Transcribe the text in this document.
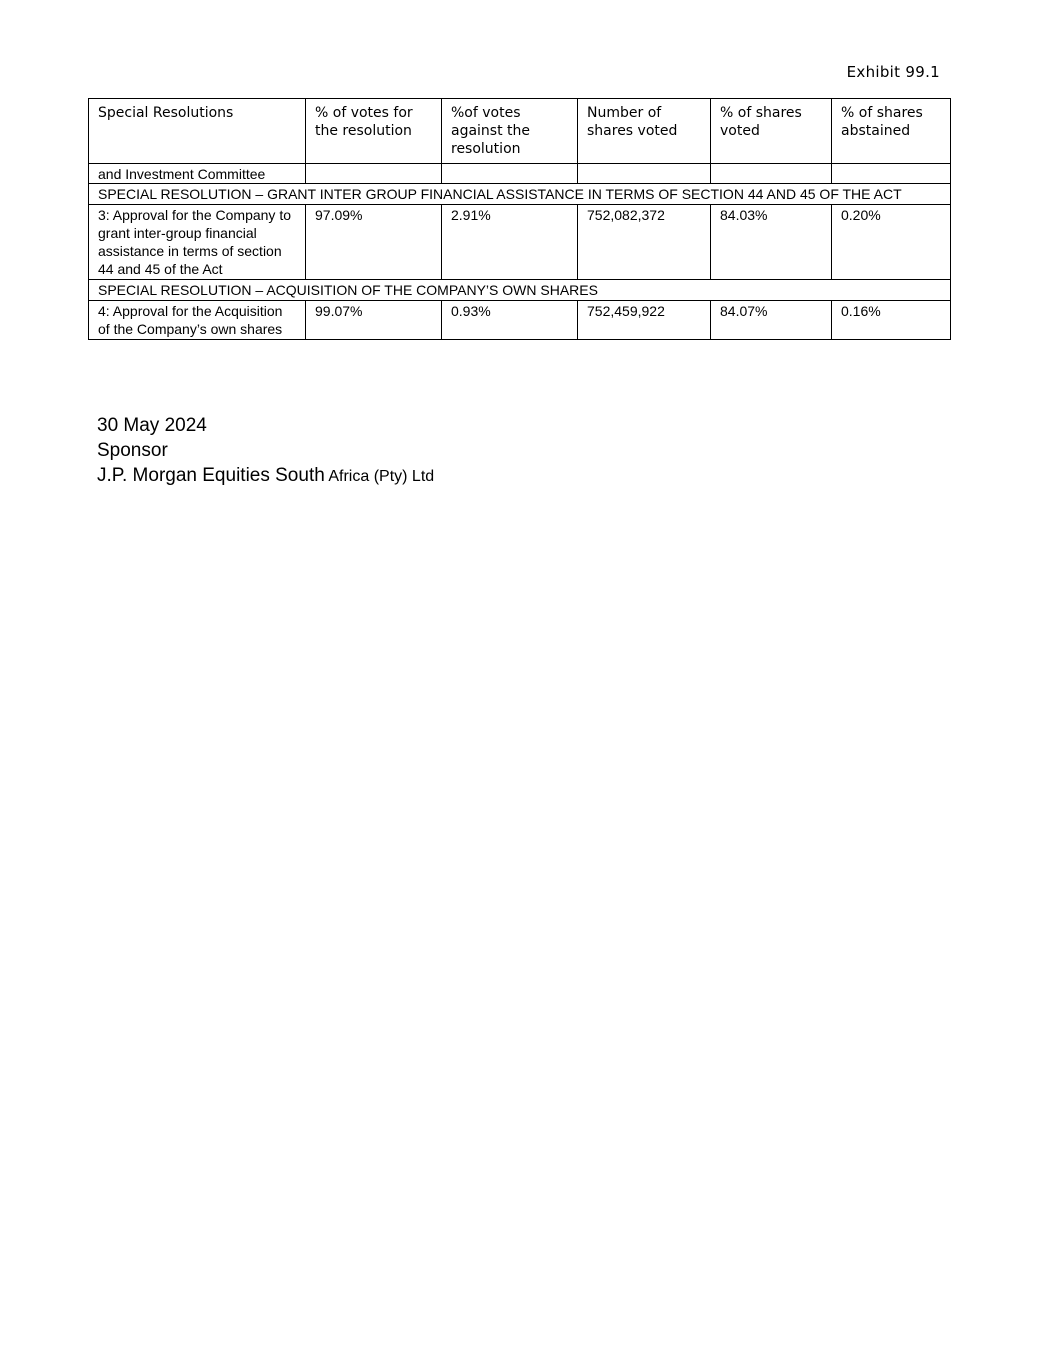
Exhibit 99.1
Special Resolutions	% of votes for the resolution	%of votes against the resolution	Number of shares voted	% of shares voted	% of shares abstained
and Investment Committee					
SPECIAL RESOLUTION – GRANT INTER GROUP FINANCIAL ASSISTANCE IN TERMS OF SECTION 44 AND 45 OF THE ACT					
3: Approval for the Company to grant inter-group financial assistance in terms of section 44 and 45 of the Act	97.09%	2.91%	752,082,372	84.03%	0.20%
SPECIAL RESOLUTION – ACQUISITION OF THE COMPANY’S OWN SHARES					
4: Approval for the Acquisition of the Company’s own shares	99.07%	0.93%	752,459,922	84.07%	0.16%
30 May 2024
Sponsor
J.P. Morgan Equities South Africa (Pty) Ltd
